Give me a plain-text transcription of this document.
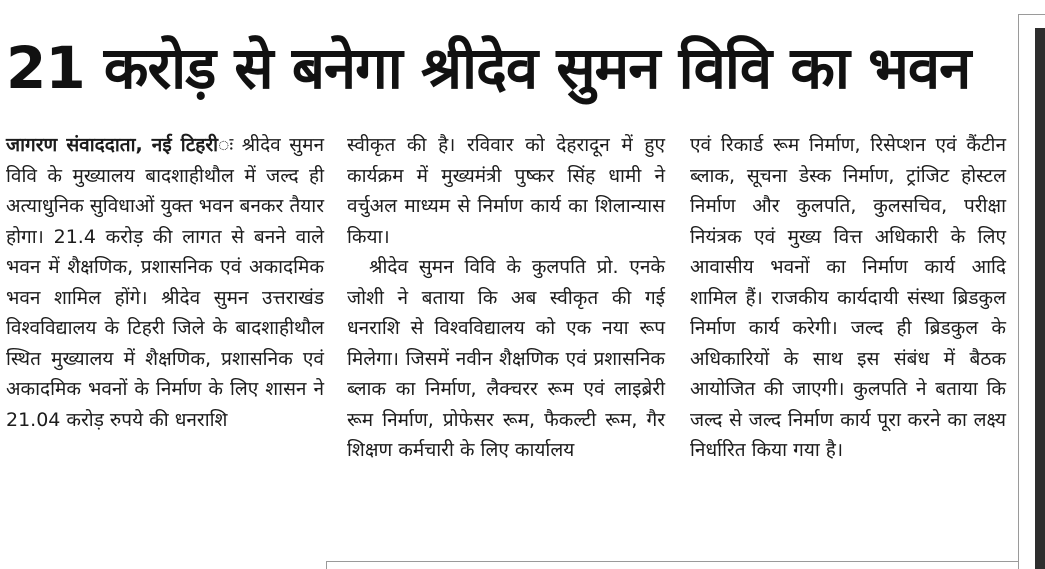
21 करोड़ से बनेगा श्रीदेव सुमन विवि का भवन

जागरण संवाददाता, नई टिहरीः श्रीदेव सुमन विवि के मुख्यालय बादशाहीथौल में जल्द ही अत्याधुनिक सुविधाओं युक्त भवन बनकर तैयार होगा। 21.4 करोड़ की लागत से बनने वाले भवन में शैक्षणिक, प्रशासनिक एवं अकादमिक भवन शामिल होंगे। श्रीदेव सुमन उत्तराखंड विश्वविद्यालय के टिहरी जिले के बादशाहीथौल स्थित मुख्यालय में शैक्षणिक, प्रशासनिक एवं अकादमिक भवनों के निर्माण के लिए शासन ने 21.04 करोड़ रुपये की धनराशि

स्वीकृत की है। रविवार को देहरादून में हुए कार्यक्रम में मुख्यमंत्री पुष्कर सिंह धामी ने वर्चुअल माध्यम से निर्माण कार्य का शिलान्यास किया।

श्रीदेव सुमन विवि के कुलपति प्रो. एनके जोशी ने बताया कि अब स्वीकृत की गई धनराशि से विश्वविद्यालय को एक नया रूप मिलेगा। जिसमें नवीन शैक्षणिक एवं प्रशासनिक ब्लाक का निर्माण, लैक्चरर रूम एवं लाइब्रेरी रूम निर्माण, प्रोफेसर रूम, फैकल्टी रूम, गैर शिक्षण कर्मचारी के लिए कार्यालय

एवं रिकार्ड रूम निर्माण, रिसेप्शन एवं कैंटीन ब्लाक, सूचना डेस्क निर्माण, ट्रांजिट होस्टल निर्माण और कुलपति, कुलसचिव, परीक्षा नियंत्रक एवं मुख्य वित्त अधिकारी के लिए आवासीय भवनों का निर्माण कार्य आदि शामिल हैं। राजकीय कार्यदायी संस्था ब्रिडकुल निर्माण कार्य करेगी। जल्द ही ब्रिडकुल के अधिकारियों के साथ इस संबंध में बैठक आयोजित की जाएगी। कुलपति ने बताया कि जल्द से जल्द निर्माण कार्य पूरा करने का लक्ष्य निर्धारित किया गया है।
